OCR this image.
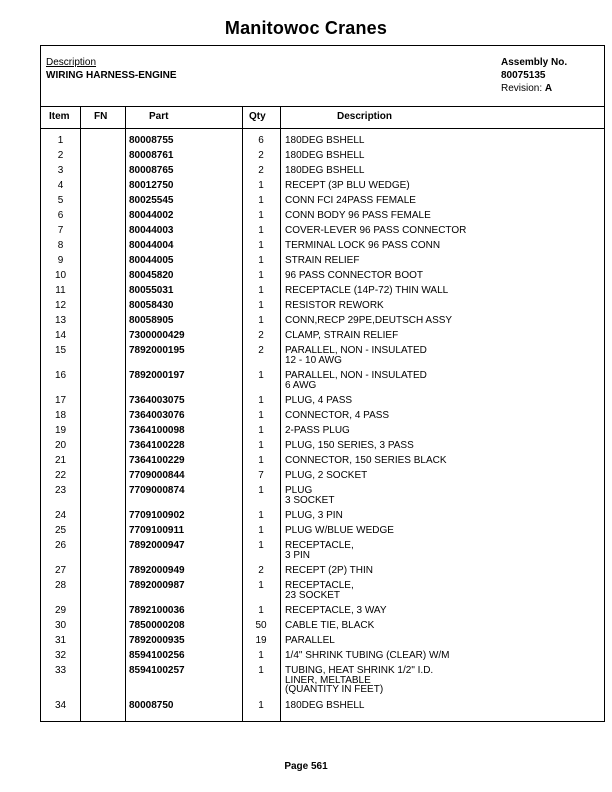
Manitowoc Cranes
Description
WIRING HARNESS-ENGINE
Assembly No.
80075135
Revision: A
Item FN	Part	Qty	Description
1	80008755	6	180DEG BSHELL
2	80008761	2	180DEG BSHELL
3	80008765	2	180DEG BSHELL
4	80012750	1	RECEPT (3P BLU WEDGE)
5	80025545	1	CONN FCI 24PASS FEMALE
6	80044002	1	CONN BODY 96 PASS FEMALE
7	80044003	1	COVER-LEVER 96 PASS CONNECTOR
8	80044004	1	TERMINAL LOCK 96 PASS CONN
9	80044005	1	STRAIN RELIEF
10	80045820	1	96 PASS CONNECTOR BOOT
11	80055031	1	RECEPTACLE (14P-72) THIN WALL
12	80058430	1	RESISTOR REWORK
13	80058905	1	CONN,RECP 29PE,DEUTSCH ASSY
14	7300000429	2	CLAMP, STRAIN RELIEF
15	7892000195	2	PARALLEL, NON - INSULATED
12 - 10 AWG
16	7892000197	1	PARALLEL, NON - INSULATED
6 AWG
17	7364003075	1	PLUG, 4 PASS
18	7364003076	1	CONNECTOR, 4 PASS
19	7364100098	1	2-PASS PLUG
20	7364100228	1	PLUG, 150 SERIES, 3 PASS
21	7364100229	1	CONNECTOR, 150 SERIES BLACK
22	7709000844	7	PLUG, 2 SOCKET
23	7709000874	1	PLUG
3 SOCKET
24	7709100902	1	PLUG, 3 PIN
25	7709100911	1	PLUG W/BLUE WEDGE
26	7892000947	1	RECEPTACLE,
3 PIN
27	7892000949	2	RECEPT (2P) THIN
28	7892000987	1	RECEPTACLE,
23 SOCKET
29	7892100036	1	RECEPTACLE, 3 WAY
30	7850000208	50	CABLE TIE, BLACK
31	7892000935	19	PARALLEL
32	8594100256	1	1/4" SHRINK TUBING (CLEAR) W/M
33	8594100257	1	TUBING, HEAT SHRINK 1/2" I.D.
LINER, MELTABLE
(QUANTITY IN FEET)
34	80008750	1	180DEG BSHELL
Page 561
